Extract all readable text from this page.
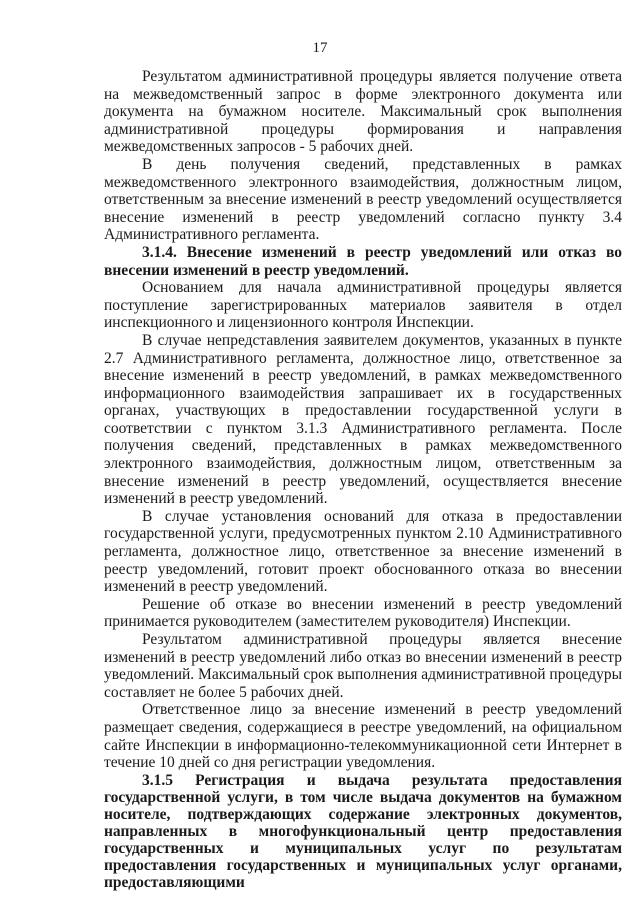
17

Результатом административной процедуры является получение ответа на межведомственный запрос в форме электронного документа или документа на бумажном носителе. Максимальный срок выполнения административной процедуры формирования и направления межведомственных запросов - 5 рабочих дней.

В день получения сведений, представленных в рамках межведомственного электронного взаимодействия, должностным лицом, ответственным за внесение изменений в реестр уведомлений осуществляется внесение изменений в реестр уведомлений согласно пункту 3.4 Административного регламента.

3.1.4. Внесение изменений в реестр уведомлений или отказ во внесении изменений в реестр уведомлений.

Основанием для начала административной процедуры является поступление зарегистрированных материалов заявителя в отдел инспекционного и лицензионного контроля Инспекции.

В случае непредставления заявителем документов, указанных в пункте 2.7 Административного регламента, должностное лицо, ответственное за внесение изменений в реестр уведомлений, в рамках межведомственного информационного взаимодействия запрашивает их в государственных органах, участвующих в предоставлении государственной услуги в соответствии с пунктом 3.1.3 Административного регламента. После получения сведений, представленных в рамках межведомственного электронного взаимодействия, должностным лицом, ответственным за внесение изменений в реестр уведомлений, осуществляется внесение изменений в реестр уведомлений.

В случае установления оснований для отказа в предоставлении государственной услуги, предусмотренных пунктом 2.10 Административного регламента, должностное лицо, ответственное за внесение изменений в реестр уведомлений, готовит проект обоснованного отказа во внесении изменений в реестр уведомлений.

Решение об отказе во внесении изменений в реестр уведомлений принимается руководителем (заместителем руководителя) Инспекции.

Результатом административной процедуры является внесение изменений в реестр уведомлений либо отказ во внесении изменений в реестр уведомлений. Максимальный срок выполнения административной процедуры составляет не более 5 рабочих дней.

Ответственное лицо за внесение изменений в реестр уведомлений размещает сведения, содержащиеся в реестре уведомлений, на официальном сайте Инспекции в информационно-телекоммуникационной сети Интернет в течение 10 дней со дня регистрации уведомления.

3.1.5 Регистрация и выдача результата предоставления государственной услуги, в том числе выдача документов на бумажном носителе, подтверждающих содержание электронных документов, направленных в многофункциональный центр предоставления государственных и муниципальных услуг по результатам предоставления государственных и муниципальных услуг органами, предоставляющими
